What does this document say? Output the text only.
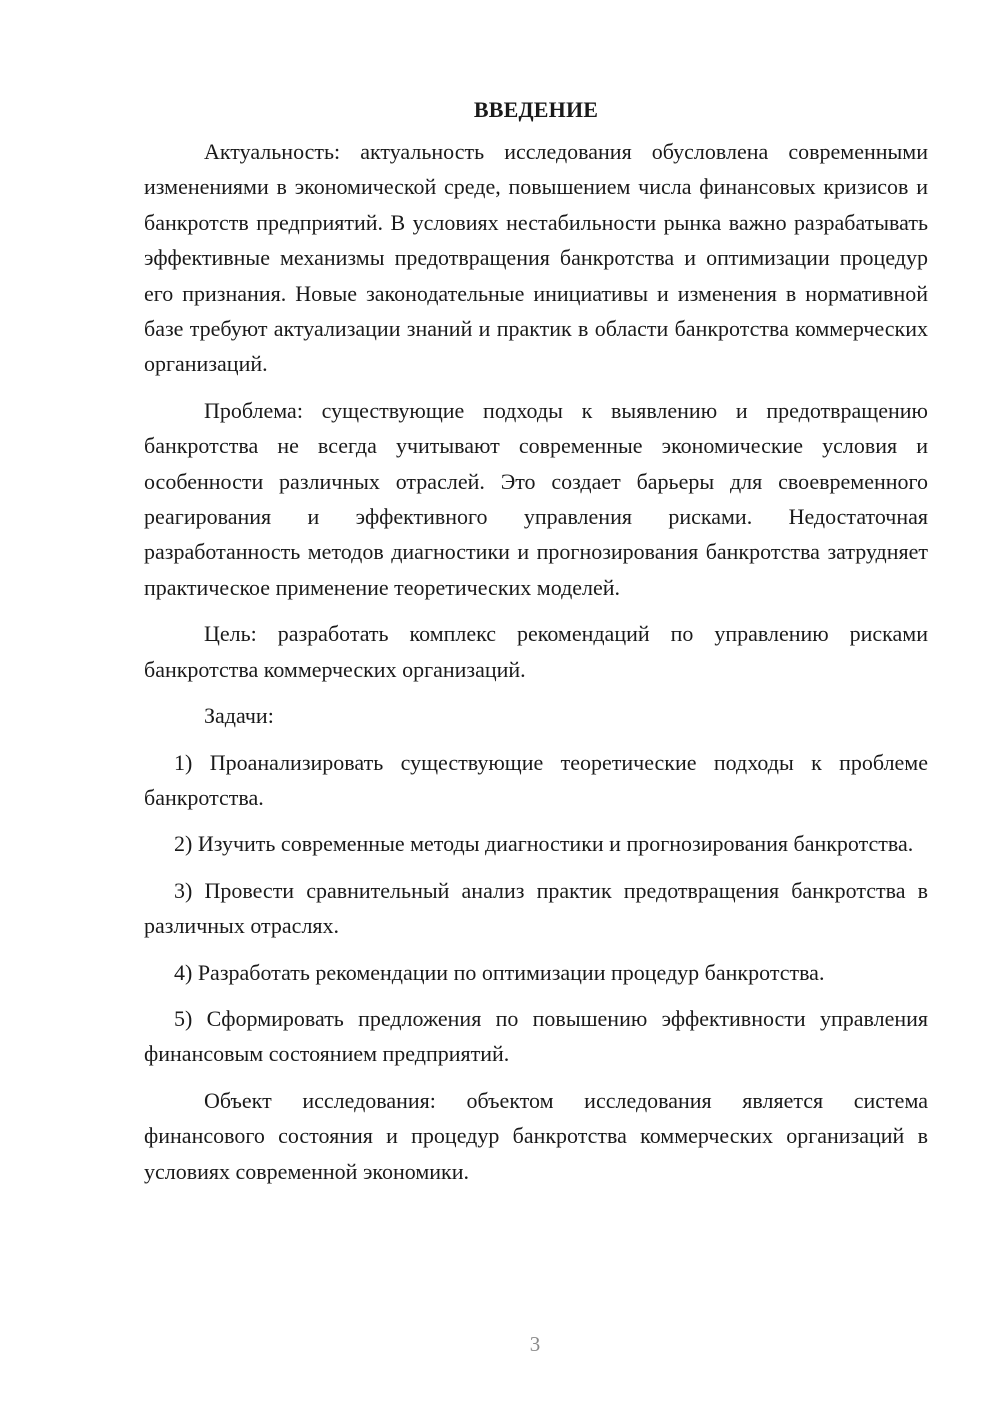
ВВЕДЕНИЕ

Актуальность: актуальность исследования обусловлена современными изменениями в экономической среде, повышением числа финансовых кризисов и банкротств предприятий. В условиях нестабильности рынка важно разрабатывать эффективные механизмы предотвращения банкротства и оптимизации процедур его признания. Новые законодательные инициативы и изменения в нормативной базе требуют актуализации знаний и практик в области банкротства коммерческих организаций.

Проблема: существующие подходы к выявлению и предотвращению банкротства не всегда учитывают современные экономические условия и особенности различных отраслей. Это создает барьеры для своевременного реагирования и эффективного управления рисками. Недостаточная разработанность методов диагностики и прогнозирования банкротства затрудняет практическое применение теоретических моделей.

Цель: разработать комплекс рекомендаций по управлению рисками банкротства коммерческих организаций.

Задачи:

1) Проанализировать существующие теоретические подходы к проблеме банкротства.

2) Изучить современные методы диагностики и прогнозирования банкротства.

3) Провести сравнительный анализ практик предотвращения банкротства в различных отраслях.

4) Разработать рекомендации по оптимизации процедур банкротства.

5) Сформировать предложения по повышению эффективности управления финансовым состоянием предприятий.

Объект исследования: объектом исследования является система финансового состояния и процедур банкротства коммерческих организаций в условиях современной экономики.

3
